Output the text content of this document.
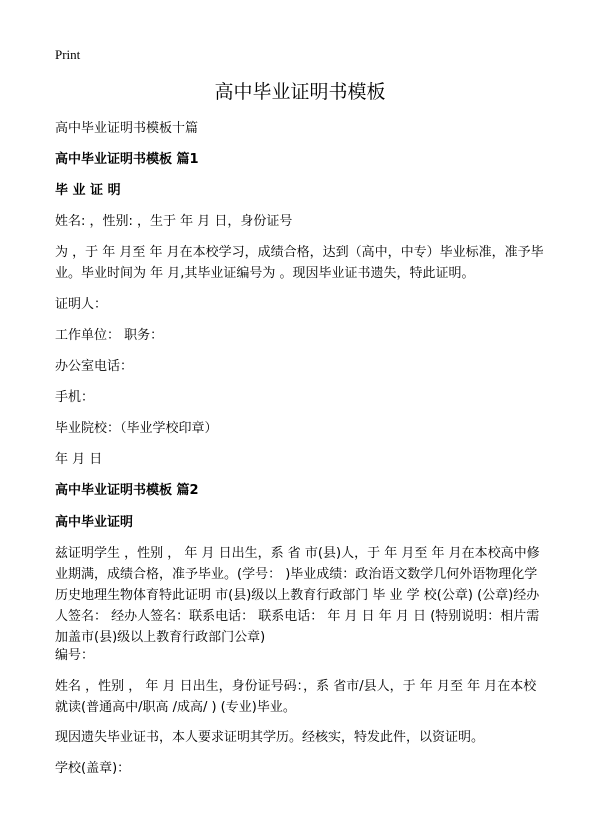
Print
高中毕业证明书模板
高中毕业证明书模板十篇
高中毕业证明书模板 篇1
毕 业 证 明
姓名: ，性别: ，生于 年 月 日，身份证号

为 ，于 年 月至 年 月在本校学习，成绩合格，达到（高中，中专）毕业标准，准予毕业。毕业时间为 年 月,其毕业证编号为 。现因毕业证书遗失，特此证明。

证明人：
工作单位： 职务：
办公室电话：
手机：
毕业院校：（毕业学校印章）
年 月 日
高中毕业证明书模板 篇2
高中毕业证明

兹证明学生 ，性别 ， 年 月 日出生，系 省 市(县)人，于 年 月至 年 月在本校高中修业期满，成绩合格，准予毕业。(学号： )毕业成绩：政治语文数学几何外语物理化学历史地理生物体育特此证明 市(县)级以上教育行政部门 毕 业 学 校(公章) (公章)经办人签名： 经办人签名：联系电话： 联系电话： 年 月 日 年 月 日 (特别说明：相片需加盖市(县)级以上教育行政部门公章)

编号：

姓名 ，性别 ， 年 月 日出生，身份证号码：，系 省市/县人，于 年 月至 年 月在本校就读(普通高中/职高 /成高/ ) (专业)毕业。

现因遗失毕业证书，本人要求证明其学历。经核实，特发此件，以资证明。

学校(盖章)：
